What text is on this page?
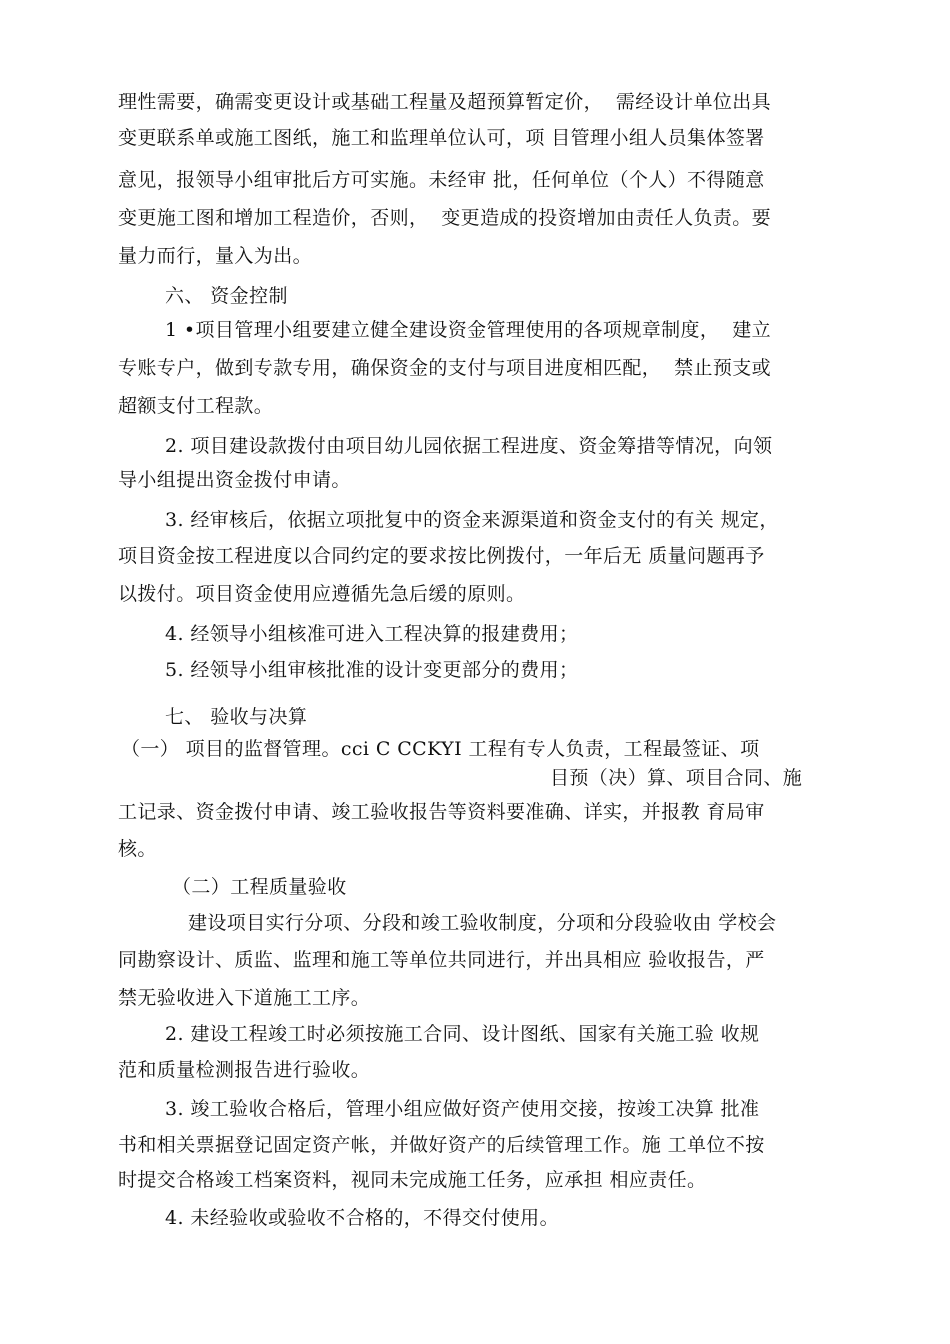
理性需要，确需变更设计或基础工程量及超预算暂定价，  需经设计单位出具
变更联系单或施工图纸，施工和监理单位认可，项 目管理小组人员集体签署
意见，报领导小组审批后方可实施。未经审 批，任何单位（个人）不得随意
变更施工图和增加工程造价，否则，  变更造成的投资增加由责任人负责。要
量力而行，量入为出。
六、 资金控制
1 •项目管理小组要建立健全建设资金管理使用的各项规章制度，  建立
专账专户，做到专款专用，确保资金的支付与项目进度相匹配，  禁止预支或
超额支付工程款。
2. 项目建设款拨付由项目幼儿园依据工程进度、资金筹措等情况，向领
导小组提出资金拨付申请。
3. 经审核后，依据立项批复中的资金来源渠道和资金支付的有关 规定，
项目资金按工程进度以合同约定的要求按比例拨付，一年后无 质量问题再予
以拨付。项目资金使用应遵循先急后缓的原则。
4. 经领导小组核准可进入工程决算的报建费用；
5. 经领导小组审核批准的设计变更部分的费用；
七、 验收与决算
（一） 项目的监督管理。cci C CCKYI 工程有专人负责，工程最签证、项
目预（决）算、项目合同、施
工记录、资金拨付申请、竣工验收报告等资料要准确、详实，并报教 育局审
核。
（二）工程质量验收
建设项目实行分项、分段和竣工验收制度，分项和分段验收由 学校会
同勘察设计、质监、监理和施工等单位共同进行，并出具相应 验收报告，严
禁无验收进入下道施工工序。
2. 建设工程竣工时必须按施工合同、设计图纸、国家有关施工验 收规
范和质量检测报告进行验收。
3. 竣工验收合格后，管理小组应做好资产使用交接，按竣工决算 批准
书和相关票据登记固定资产帐，并做好资产的后续管理工作。施 工单位不按
时提交合格竣工档案资料，视同未完成施工任务，应承担 相应责任。
4. 未经验收或验收不合格的，不得交付使用。
